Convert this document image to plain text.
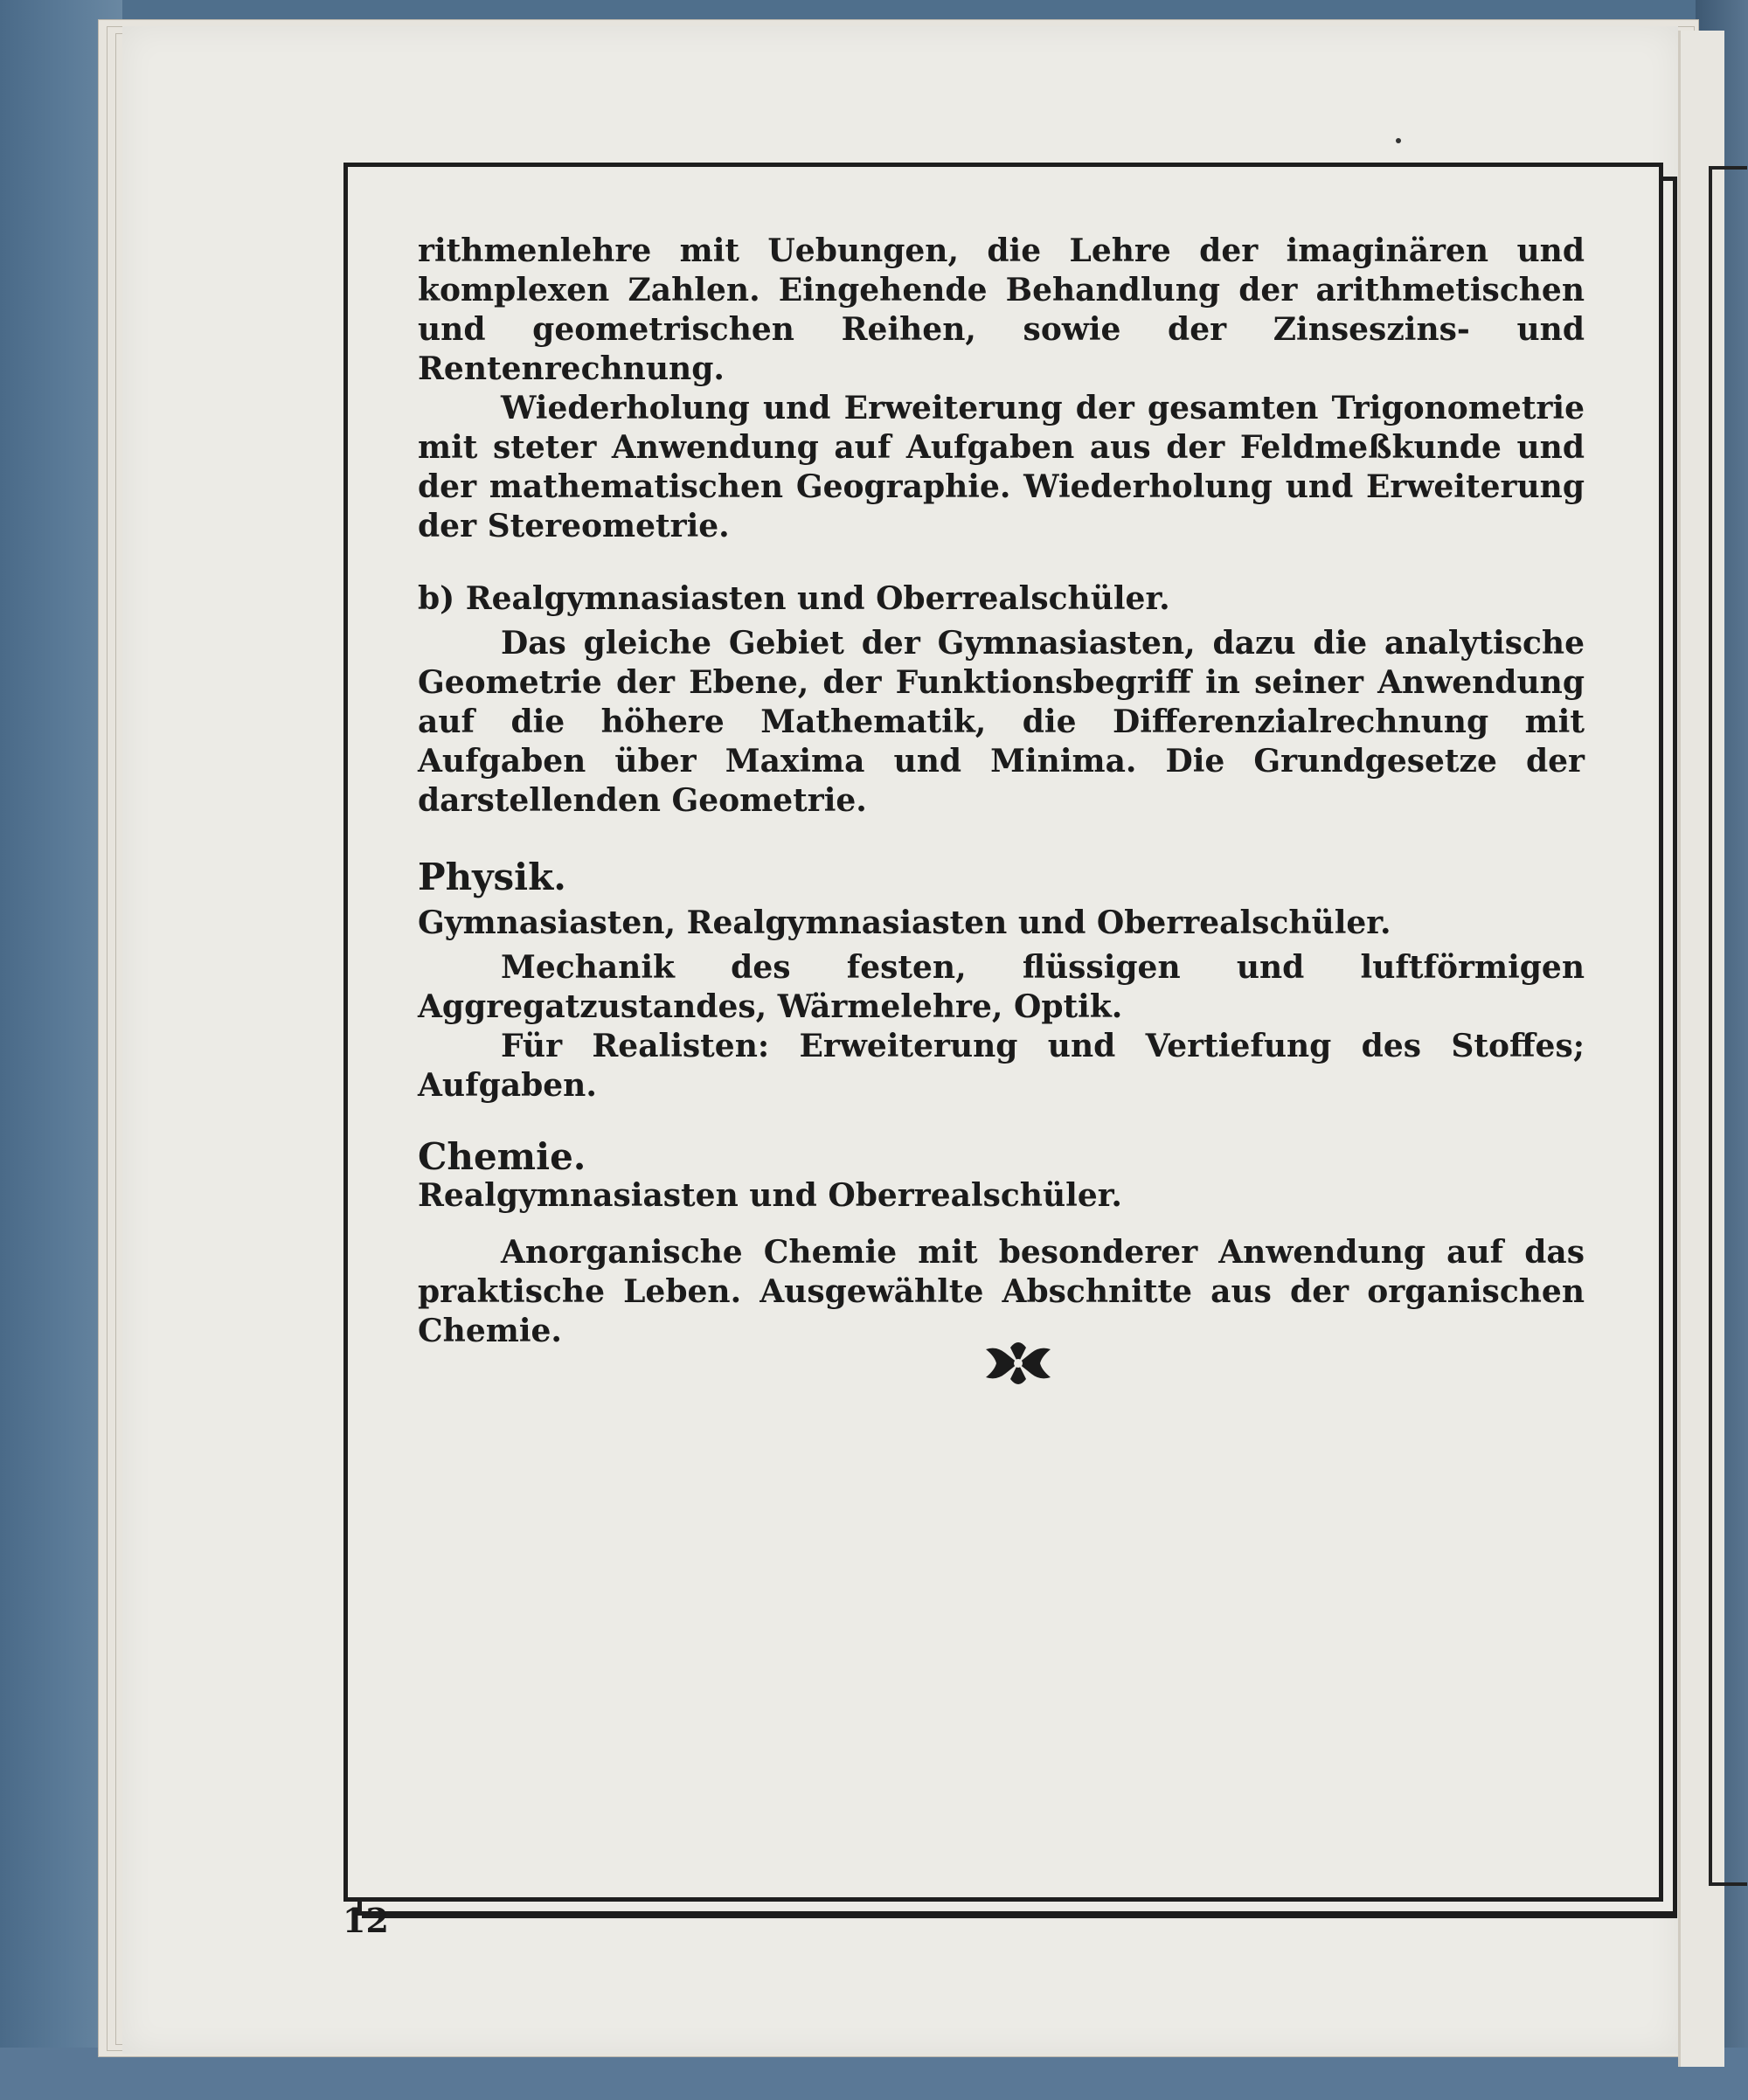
rithmenlehre mit Uebungen, die Lehre der imaginären und komplexen Zahlen. Eingehende Behandlung der arithmetischen und geometrischen Reihen, sowie der Zinseszins- und Rentenrechnung.

Wiederholung und Erweiterung der gesamten Trigonometrie mit steter Anwendung auf Aufgaben aus der Feldmeßkunde und der mathematischen Geographie. Wiederholung und Erweiterung der Stereometrie.

b) Realgymnasiasten und Oberrealschüler.

Das gleiche Gebiet der Gymnasiasten, dazu die analytische Geometrie der Ebene, der Funktionsbegriff in seiner Anwendung auf die höhere Mathematik, die Differenzialrechnung mit Aufgaben über Maxima und Minima. Die Grundgesetze der darstellenden Geometrie.

Physik.

Gymnasiasten, Realgymnasiasten und Oberrealschüler.

Mechanik des festen, flüssigen und luftförmigen Aggregatzustandes, Wärmelehre, Optik.

Für Realisten: Erweiterung und Vertiefung des Stoffes; Aufgaben.

Chemie.

Realgymnasiasten und Oberrealschüler.

Anorganische Chemie mit besonderer Anwendung auf das praktische Leben. Ausgewählte Abschnitte aus der organischen Chemie.

12
